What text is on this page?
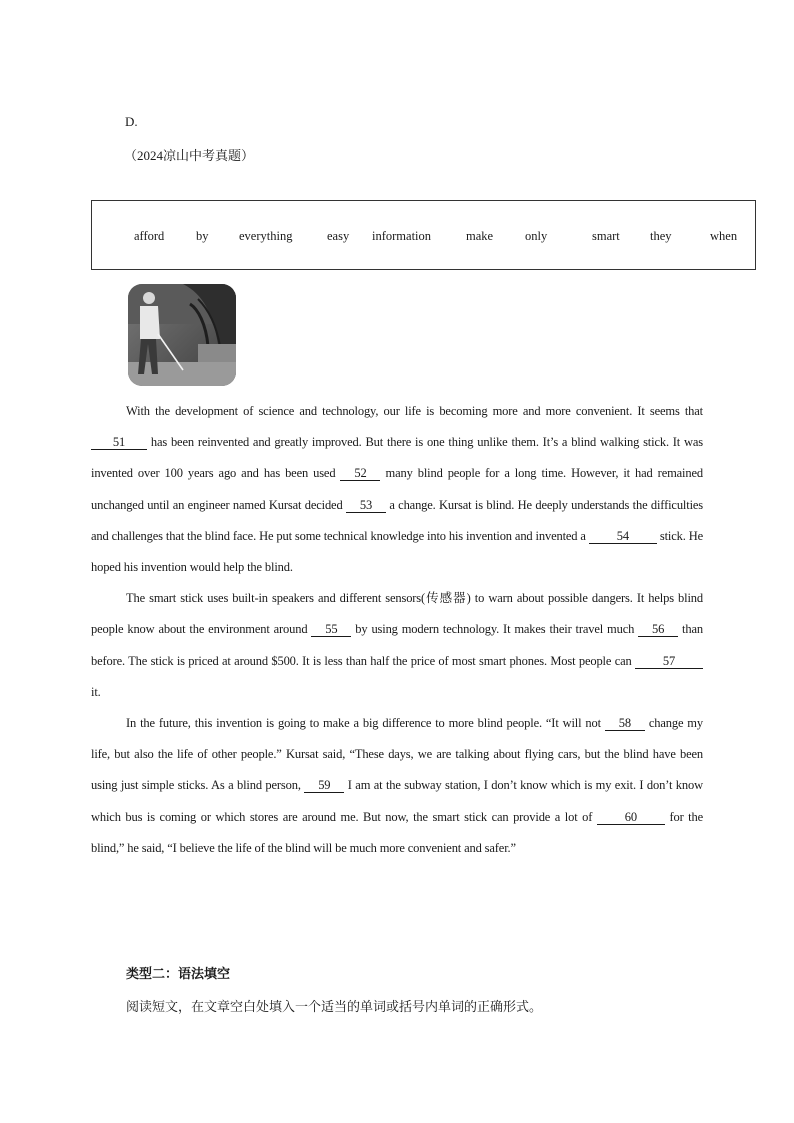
D.
（2024凉山中考真题）
afford	by everything	easy information	make	only	smart they	when

With the development of science and technology, our life is becoming more and more convenient. It seems that 51 has been reinvented and greatly improved. But there is one thing unlike them. It’s a blind walking stick. It was invented over 100 years ago and has been used 52 many blind people for a long time. However, it had remained unchanged until an engineer named Kursat decided 53 a change. Kursat is blind. He deeply understands the difficulties and challenges that the blind face. He put some technical knowledge into his invention and invented a 54 stick. He hoped his invention would help the blind.

The smart stick uses built-in speakers and different sensors(传感器) to warn about possible dangers. It helps blind people know about the environment around 55 by using modern technology. It makes their travel much 56 than before. The stick is priced at around $500. It is less than half the price of most smart phones. Most people can 57 it.

In the future, this invention is going to make a big difference to more blind people. “It will not 58 change my life, but also the life of other people.” Kursat said, “These days, we are talking about flying cars, but the blind have been using just simple sticks. As a blind person, 59 I am at the subway station, I don’t know which is my exit. I don’t know which bus is coming or which stores are around me. But now, the smart stick can provide a lot of 60 for the blind,” he said, “I believe the life of the blind will be much more convenient and safer.”

类型二：语法填空
阅读短文，在文章空白处填入一个适当的单词或括号内单词的正确形式。
